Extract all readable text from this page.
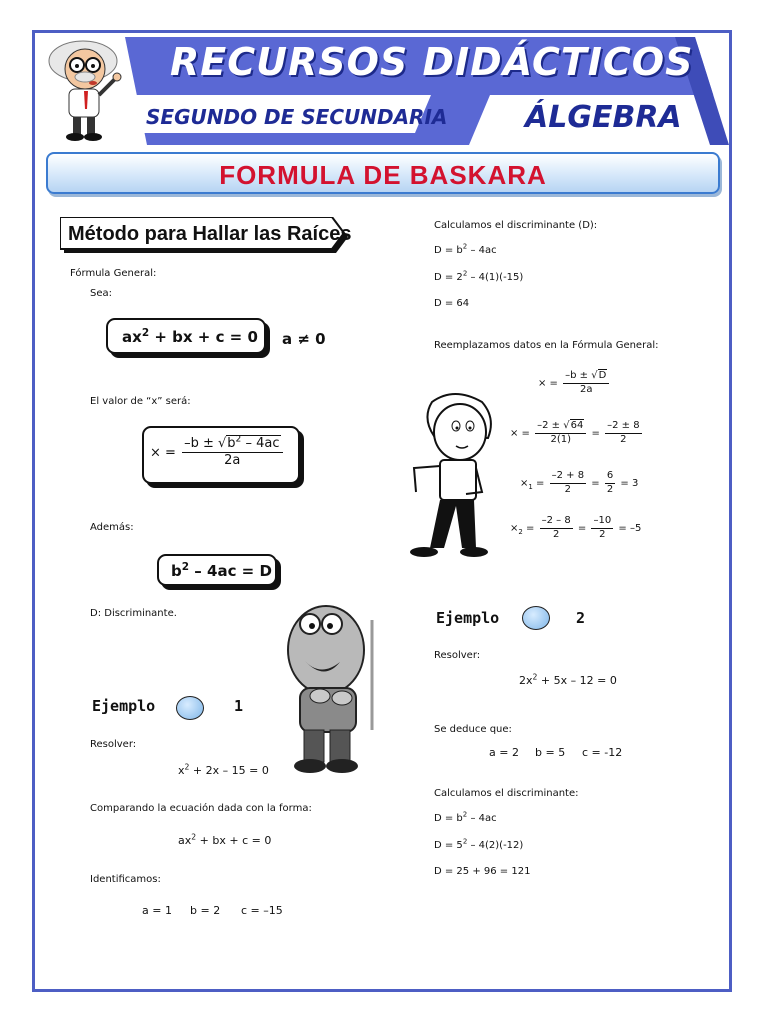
RECURSOS DIDÁCTICOS
SEGUNDO DE SECUNDARIA	ÁLGEBRA
FORMULA DE BASKARA
Método para Hallar las Raíces
Fórmula General:
Sea:
$ax^2$ + bx + c = 0 a ≠ 0
El valor de “x” será:
× = $\frac{-b \pm √b^2 - 4ac}{2a}$
Además:
$b^2 - 4ac = D$
D: Discriminante.
Ejemplo	1
Resolver:
$x^2 + 2x - 15 = 0$
Comparando la ecuación dada con la forma:
$ax^2$ + bx + c = 0
Identificamos:
a = 1 b = 2 c = –15
Calculamos el discriminante (D):
$D = b^2 - 4ac$
$D = 2^2 - 4(1)(-15)$
D = 64
Reemplazamos datos en la Fórmula General:
× = $\frac{-b \pm √D}{2a}$
× = $\frac{-2 \pm √64}{2(1)} = \frac{-2 \pm 8}{2}$
$\times_1 = \frac{-2 + 8}{2} = \frac{6}{2} = 3$
$\times_2 = \frac{-2 - 8}{2} = \frac{-10}{2} = -5$
Ejemplo	2
Resolver:
$2x^2 + 5x - 12 = 0$
Se deduce que:
a = 2 b = 5 c = -12
Calculamos el discriminante:
$D = b^2 - 4ac$
$D = 5^2 - 4(2)(-12)$
D = 25 + 96 = 121
